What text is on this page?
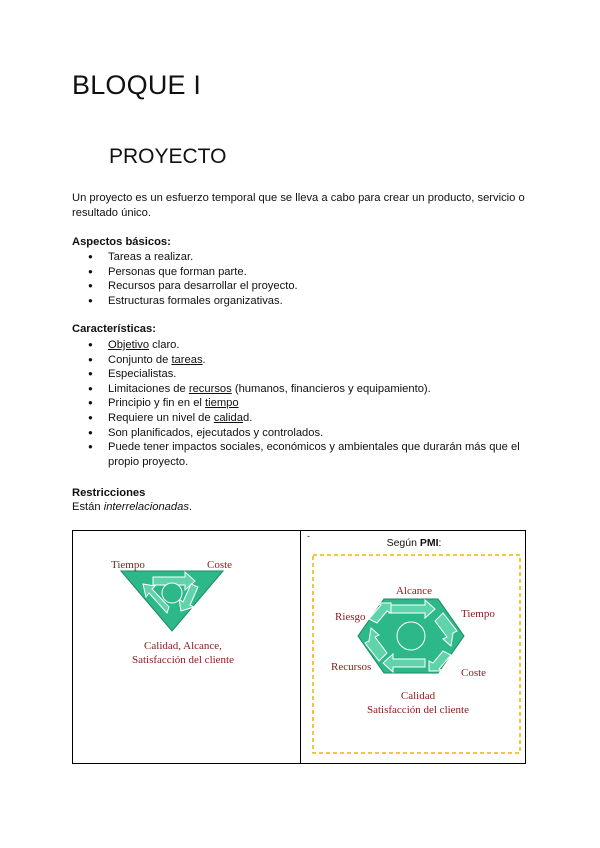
BLOQUE I
PROYECTO

Un proyecto es un esfuerzo temporal que se lleva a cabo para crear un producto, servicio o resultado único.

Aspectos básicos:

● Tareas a realizar.
● Personas que forman parte.
● Recursos para desarrollar el proyecto.
● Estructuras formales organizativas.

Características:

● Objetivo claro.
● Conjunto de tareas.
● Especialistas.
● Limitaciones de recursos (humanos, financieros y equipamiento).
● Principio y fin en el tiempo
● Requiere un nivel de calidad.
● Son planificados, ejecutados y controlados.
● Puede tener impactos sociales, económicos y ambientales que durarán más que el propio proyecto.

Restricciones

Están interrelacionadas.

Tiempo	Coste
Calidad, Alcance,
Satisfacción del cliente
-
Según PMI:
Alcance
Riesgo	Tiempo
Recursos	Coste
Calidad
Satisfacción del cliente
